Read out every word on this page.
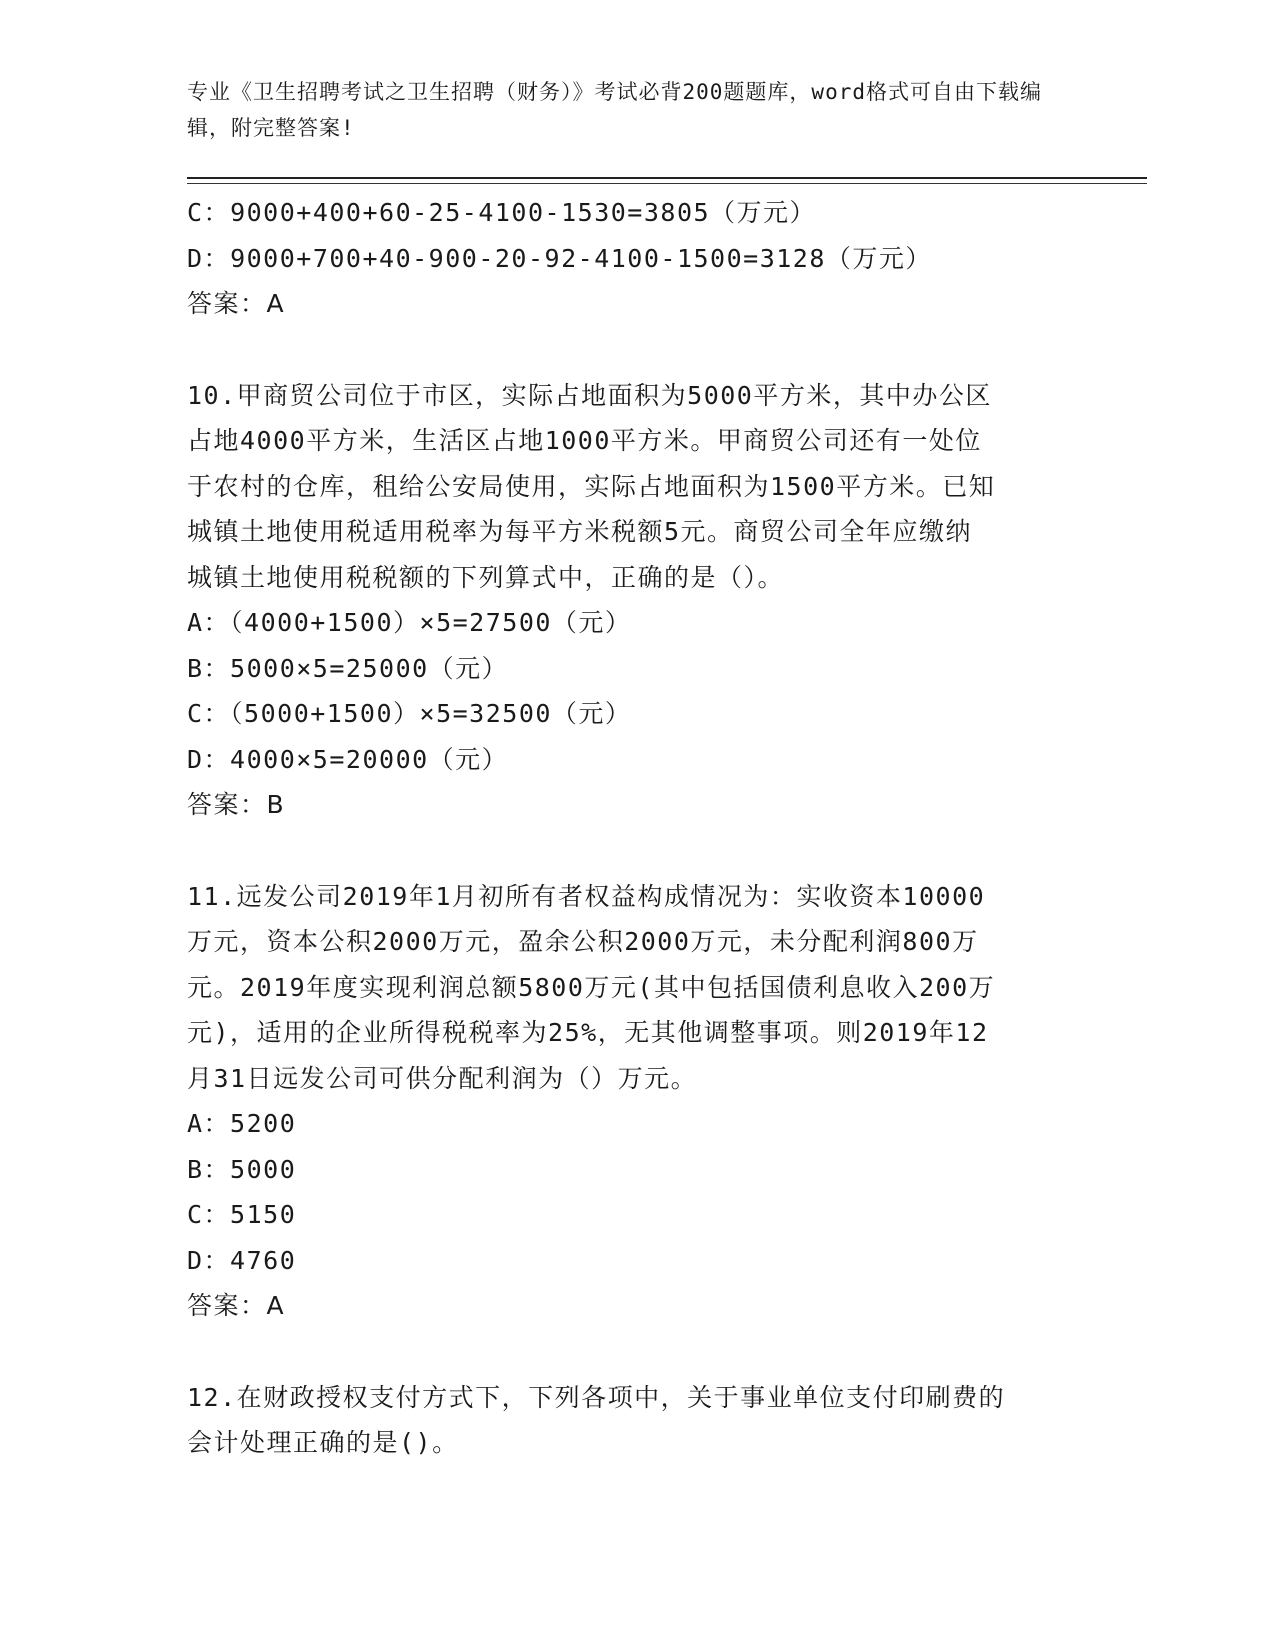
专业《卫生招聘考试之卫生招聘（财务）》考试必背200题题库，word格式可自由下载编辑，附完整答案!
C：9000+400+60-25-4100-1530=3805（万元）
D：9000+700+40-900-20-92-4100-1500=3128（万元）
答案：A
10.甲商贸公司位于市区，实际占地面积为5000平方米，其中办公区
占地4000平方米，生活区占地1000平方米。甲商贸公司还有一处位
于农村的仓库，租给公安局使用，实际占地面积为1500平方米。已知
城镇土地使用税适用税率为每平方米税额5元。商贸公司全年应缴纳
城镇土地使用税税额的下列算式中，正确的是（）。
A：（4000+1500）×5=27500（元）
B：5000×5=25000（元）
C：（5000+1500）×5=32500（元）
D：4000×5=20000（元）
答案：B
11.远发公司2019年1月初所有者权益构成情况为：实收资本10000
万元，资本公积2000万元，盈余公积2000万元，未分配利润800万
元。2019年度实现利润总额5800万元(其中包括国债利息收入200万
元)，适用的企业所得税税率为25%，无其他调整事项。则2019年12
月31日远发公司可供分配利润为（）万元。
A：5200
B：5000
C：5150
D：4760
答案：A
12.在财政授权支付方式下，下列各项中，关于事业单位支付印刷费的
会计处理正确的是()。
